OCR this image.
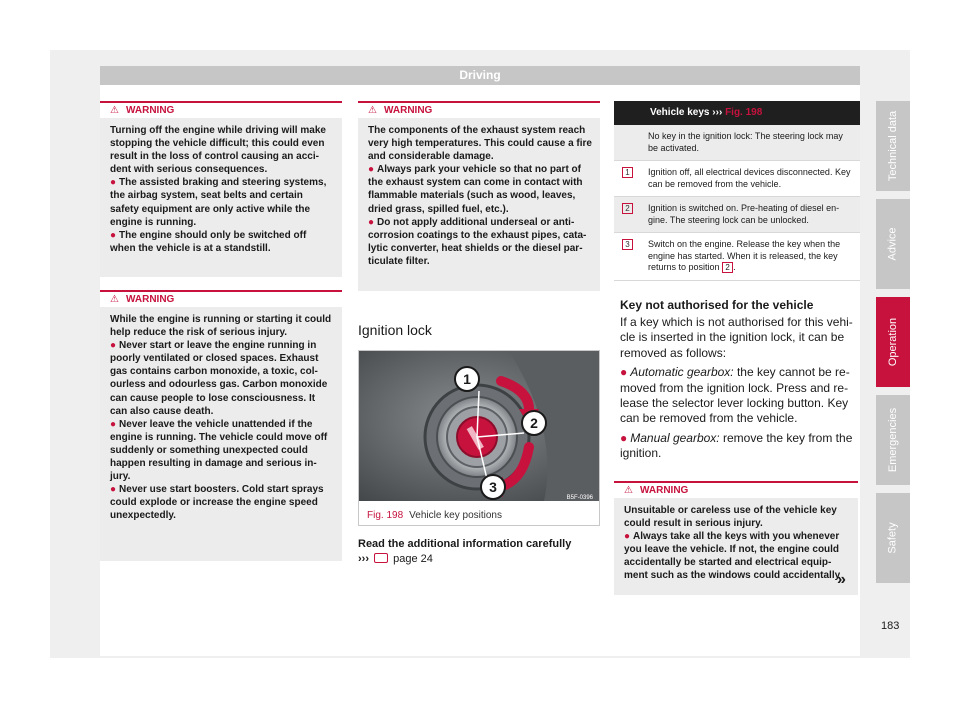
Driving
⚠ WARNING

Turning off the engine while driving will make stopping the vehicle difficult; this could even result in the loss of control causing an acci-dent with serious consequences.

● The assisted braking and steering systems, the airbag system, seat belts and certain safety equipment are only active while the engine is running.

● The engine should only be switched off when the vehicle is at a standstill.

⚠ WARNING

While the engine is running or starting it could help reduce the risk of serious injury.

● Never start or leave the engine running in poorly ventilated or closed spaces. Exhaust gas contains carbon monoxide, a toxic, col-ourless and odourless gas. Carbon monoxide can cause people to lose consciousness. It can also cause death.

● Never leave the vehicle unattended if the engine is running. The vehicle could move off suddenly or something unexpected could happen resulting in damage and serious in-jury.

● Never use start boosters. Cold start sprays could explode or increase the engine speed unexpectedly.

⚠ WARNING

The components of the exhaust system reach very high temperatures. This could cause a fire and considerable damage.

● Always park your vehicle so that no part of the exhaust system can come in contact with flammable materials (such as wood, leaves, dried grass, spilled fuel, etc.).

● Do not apply additional underseal or anti-corrosion coatings to the exhaust pipes, cata-lytic converter, heat shields or the diesel par-ticulate filter.

Ignition lock
1
2
3
B5F-0396
Fig. 198 Vehicle key positions
Read the additional information carefully
››› page 24
Vehicle keys ››› Fig. 198
No key in the ignition lock: The steering lock may be activated.
1	Ignition off, all electrical devices disconnected. Key can be removed from the vehicle.
2	Ignition is switched on. Pre-heating of diesel en-gine. The steering lock can be unlocked.
3	Switch on the engine. Release the key when the engine has started. When it is released, the key returns to position 2 .
Key not authorised for the vehicle

If a key which is not authorised for this vehi-cle is inserted in the ignition lock, it can be removed as follows:

● Automatic gearbox: the key cannot be re-moved from the ignition lock. Press and re-lease the selector lever locking button. Key can be removed from the vehicle.

● Manual gearbox: remove the key from the ignition.

⚠ WARNING

Unsuitable or careless use of the vehicle key could result in serious injury.

● Always take all the keys with you whenever you leave the vehicle. If not, the engine could accidentally be started and electrical equip-ment such as the windows could accidentally

»
183
Technical data
Advice
Operation
Emergencies
Safety
